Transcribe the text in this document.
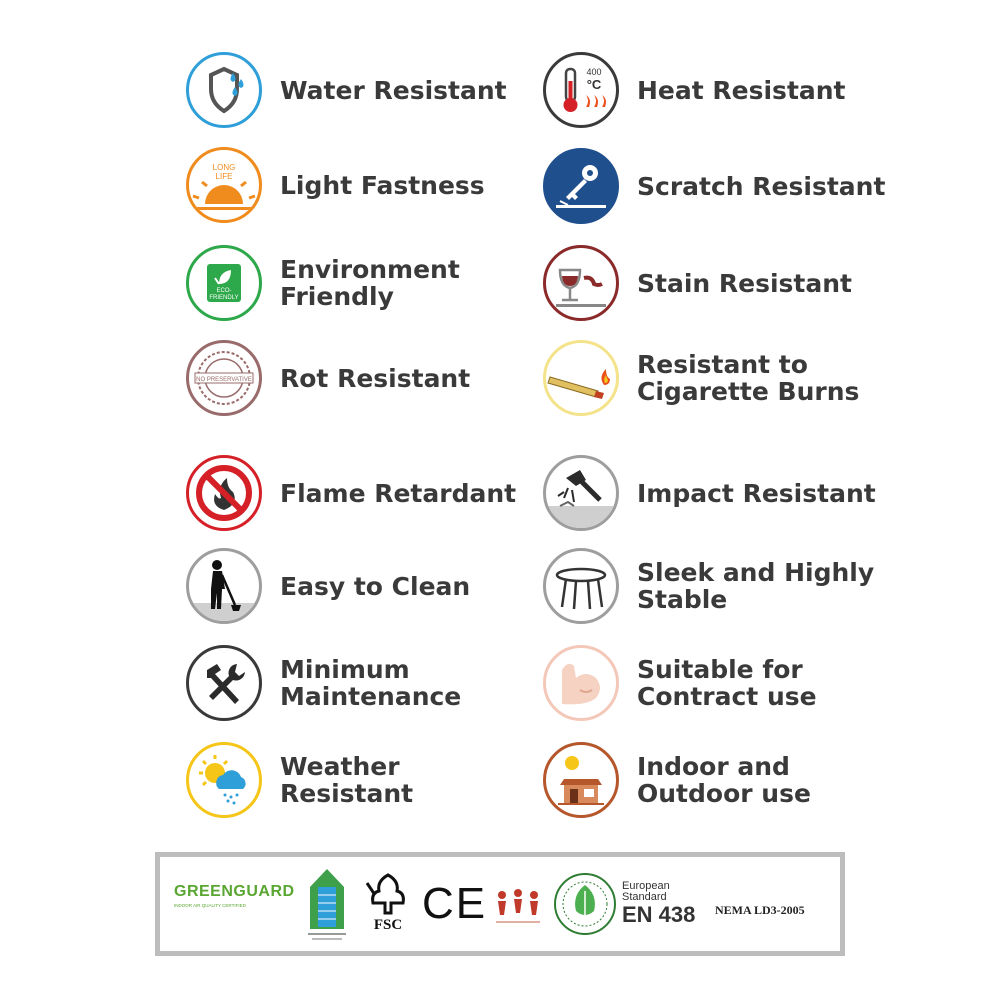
Water Resistant
LONG
LIFE Light Fastness
ECO-
FRIENDLY
Environment
Friendly
NO PRESERVATIVE Rot Resistant
Flame Retardant
Easy to Clean
Minimum
Maintenance
Weather
Resistant
400
°C Heat Resistant
Scratch Resistant
Stain Resistant
Resistant to
Cigarette Burns
Impact Resistant
Sleek and Highly
Stable
Suitable for
Contract use
Indoor and
Outdoor use
GREENGUARD
INDOOR AIR QUALITY CERTIFIED
FSC CE	European
Standard
EN 438	NEMA LD3-2005
